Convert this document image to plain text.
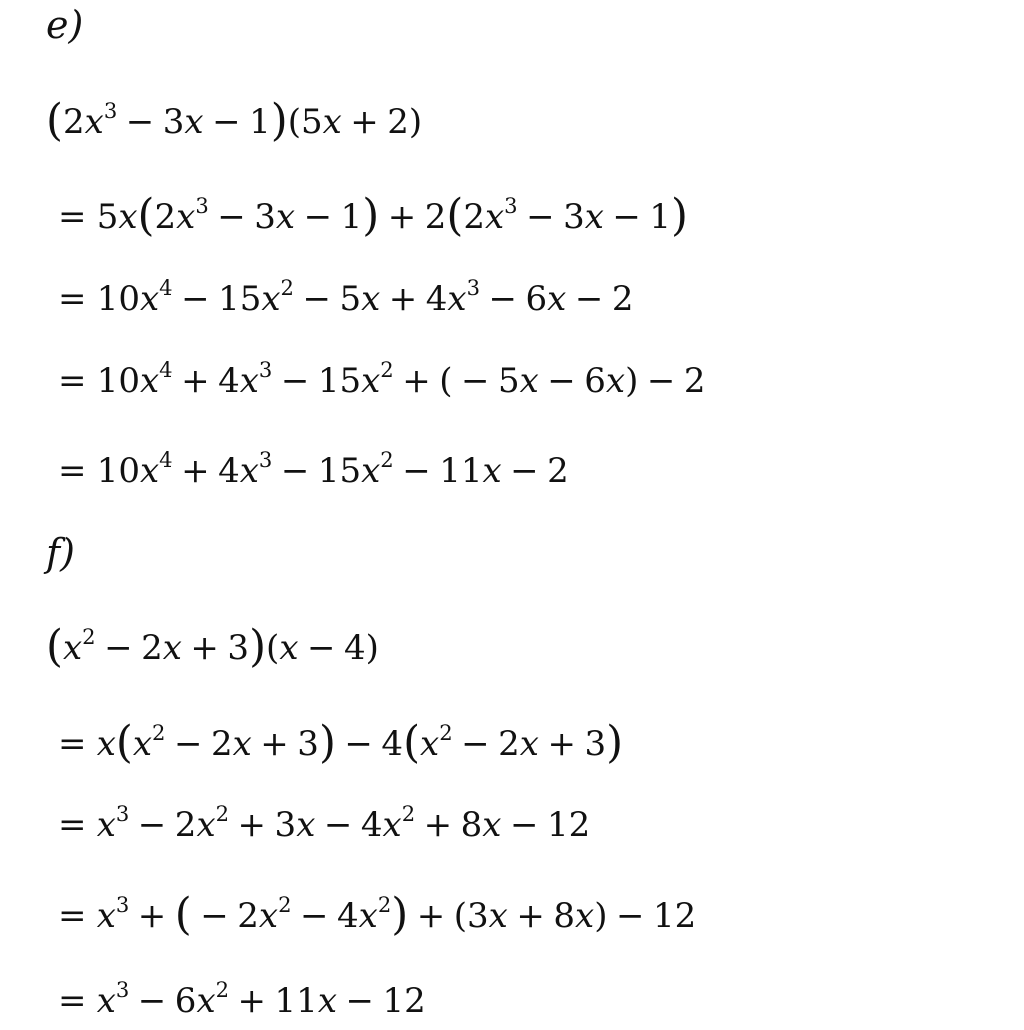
e)
$(2x^3 - 3x - 1)(5x + 2)$
= $5x(2x^3 - 3x - 1) + 2(2x^3 - 3x - 1)$
= $10x^4 - 15x^2 - 5x + 4x^3 - 6x - 2$
= $10x^4 + 4x^3 - 15x^2$ + ( − 5x − 6x) − 2
= $10x^4 + 4x^3 - 15x^2 - 11x - 2$
f)
$(x^2 - 2x + 3)(x - 4)$
= $x(x^2 - 2x + 3) - 4(x^2 - 2x + 3)$
= $x^3 - 2x^2 + 3x - 4x^2 + 8x - 12$
= $x^3$ + ( − $2x^2 - 4x^2) + (3x + 8x) - 12$
= $x^3 - 6x^2 + 11x - 12$
